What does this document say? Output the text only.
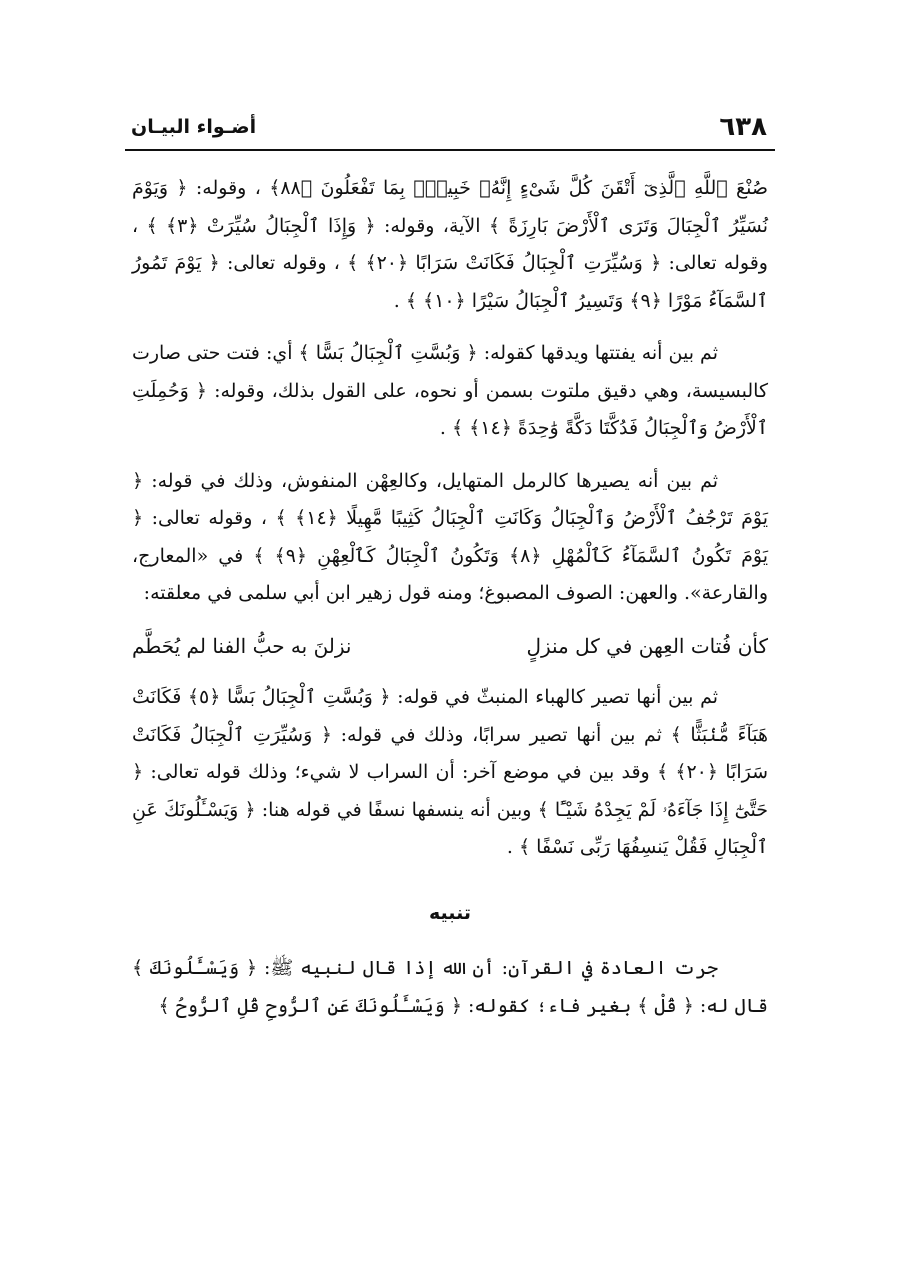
٦٣٨
أضـواء البيـان

صُنْعَ ٱللَّهِ ٱلَّذِىٓ أَتْقَنَ كُلَّ شَىْءٍ إِنَّهُۥ خَبِيرٌۢ بِمَا تَفْعَلُونَ ﴿٨٨﴾ ، وقوله: ﴿ وَيَوْمَ نُسَيِّرُ ٱلْجِبَالَ وَتَرَى ٱلْأَرْضَ بَارِزَةً ﴾ الآية، وقوله: ﴿ وَإِذَا ٱلْجِبَالُ سُيِّرَتْ ﴿٣﴾ ﴾ ، وقوله تعالى: ﴿ وَسُيِّرَتِ ٱلْجِبَالُ فَكَانَتْ سَرَابًا ﴿٢٠﴾ ﴾ ، وقوله تعالى: ﴿ يَوْمَ تَمُورُ ٱلسَّمَآءُ مَوْرًا ﴿٩﴾ وَتَسِيرُ ٱلْجِبَالُ سَيْرًا ﴿١٠﴾ ﴾ .

ثم بين أنه يفتتها ويدقها كقوله: ﴿ وَبُسَّتِ ٱلْجِبَالُ بَسًّا ﴾ أي: فتت حتى صارت كالبسيسة، وهي دقيق ملتوت بسمن أو نحوه، على القول بذلك، وقوله: ﴿ وَحُمِلَتِ ٱلْأَرْضُ وَٱلْجِبَالُ فَدُكَّتَا دَكَّةً وَٰحِدَةً ﴿١٤﴾ ﴾ .

ثم بين أنه يصيرها كالرمل المتهايل، وكالعِهْن المنفوش، وذلك في قوله: ﴿ يَوْمَ تَرْجُفُ ٱلْأَرْضُ وَٱلْجِبَالُ وَكَانَتِ ٱلْجِبَالُ كَثِيبًا مَّهِيلًا ﴿١٤﴾ ﴾ ، وقوله تعالى: ﴿ يَوْمَ تَكُونُ ٱلسَّمَآءُ كَٱلْمُهْلِ ﴿٨﴾ وَتَكُونُ ٱلْجِبَالُ كَٱلْعِهْنِ ﴿٩﴾ ﴾ في «المعارج، والقارعة». والعهن: الصوف المصبوغ؛ ومنه قول زهير ابن أبي سلمى في معلقته:

كأن فُتات العِهن في كل منزلٍ
نزلنَ به حبُّ الفنا لم يُحَطَّم

ثم بين أنها تصير كالهباء المنبثّ في قوله: ﴿ وَبُسَّتِ ٱلْجِبَالُ بَسًّا ﴿٥﴾ فَكَانَتْ هَبَآءً مُّنۢبَثًّا ﴾ ثم بين أنها تصير سرابًا، وذلك في قوله: ﴿ وَسُيِّرَتِ ٱلْجِبَالُ فَكَانَتْ سَرَابًا ﴿٢٠﴾ ﴾ وقد بين في موضع آخر: أن السراب لا شيء؛ وذلك قوله تعالى: ﴿ حَتَّىٰٓ إِذَا جَآءَهُۥ لَمْ يَجِدْهُ شَيْـًٔا ﴾ وبين أنه ينسفها نسفًا في قوله هنا: ﴿ وَيَسْـَٔلُونَكَ عَنِ ٱلْجِبَالِ فَقُلْ يَنسِفُهَا رَبِّى نَسْفًا ﴾ .

تنبيه

جرت العادة في القرآن: أن الله إذا قال لنبيه ﷺ: ﴿ وَيَسْـَٔلُونَكَ ﴾ قال له: ﴿ قُلْ ﴾ بغير فاء؛ كقوله: ﴿ وَيَسْـَٔلُونَكَ عَنِ ٱلرُّوحِ قُلِ ٱلرُّوحُ ﴾
